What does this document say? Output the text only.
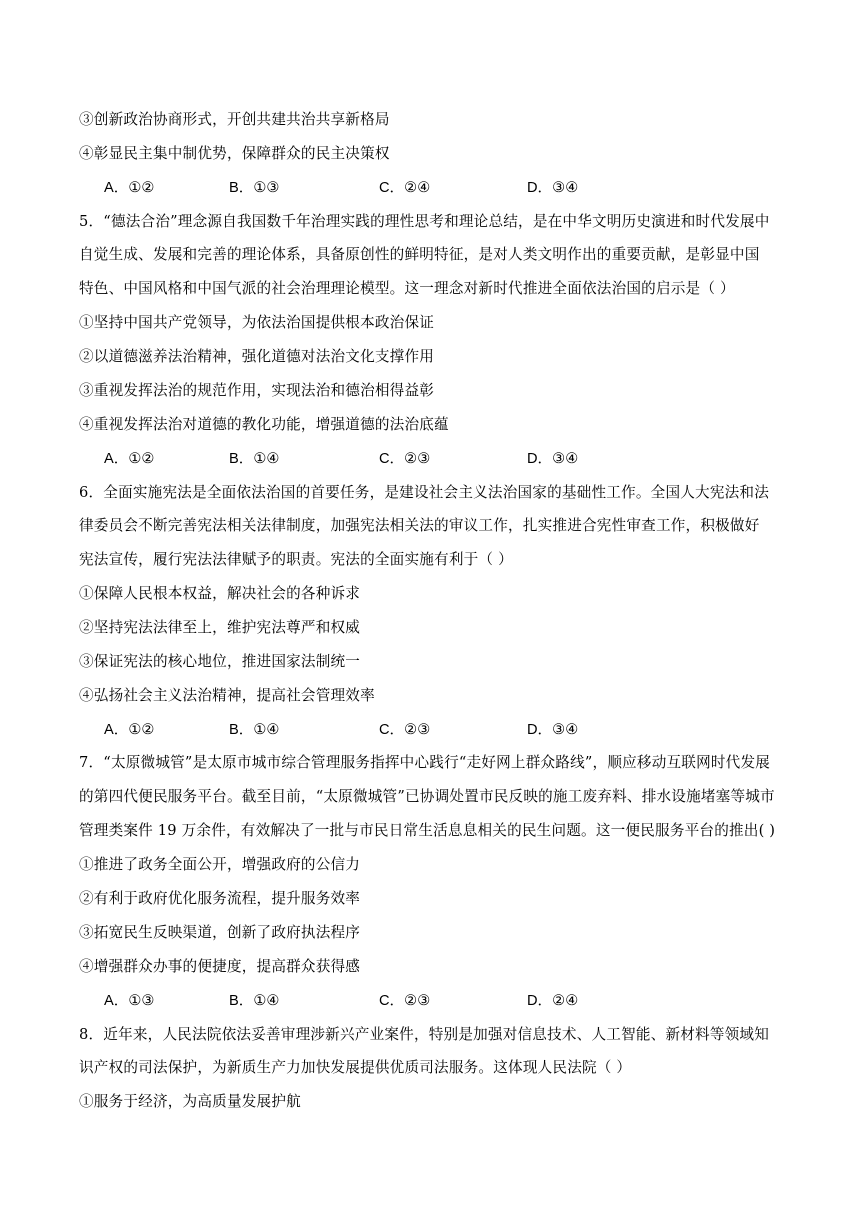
③创新政治协商形式，开创共建共治共享新格局
④彰显民主集中制优势，保障群众的民主决策权
A．①②	B．①③	C．②④	D．③④
5．“德法合治”理念源自我国数千年治理实践的理性思考和理论总结，是在中华文明历史演进和时代发展中
自觉生成、发展和完善的理论体系，具备原创性的鲜明特征，是对人类文明作出的重要贡献，是彰显中国
特色、中国风格和中国气派的社会治理理论模型。这一理念对新时代推进全面依法治国的启示是（ ）
①坚持中国共产党领导，为依法治国提供根本政治保证
②以道德滋养法治精神，强化道德对法治文化支撑作用
③重视发挥法治的规范作用，实现法治和德治相得益彰
④重视发挥法治对道德的教化功能，增强道德的法治底蕴
A．①②	B．①④	C．②③	D．③④
6．全面实施宪法是全面依法治国的首要任务，是建设社会主义法治国家的基础性工作。全国人大宪法和法
律委员会不断完善宪法相关法律制度，加强宪法相关法的审议工作，扎实推进合宪性审查工作，积极做好
宪法宣传，履行宪法法律赋予的职责。宪法的全面实施有利于（ ）
①保障人民根本权益，解决社会的各种诉求
②坚持宪法法律至上，维护宪法尊严和权威
③保证宪法的核心地位，推进国家法制统一
④弘扬社会主义法治精神，提高社会管理效率
A．①②	B．①④	C．②③	D．③④
7．“太原微城管”是太原市城市综合管理服务指挥中心践行“走好网上群众路线”，顺应移动互联网时代发展
的第四代便民服务平台。截至目前，“太原微城管”已协调处置市民反映的施工废弃料、排水设施堵塞等城市
管理类案件 19 万余件，有效解决了一批与市民日常生活息息相关的民生问题。这一便民服务平台的推出( )
①推进了政务全面公开，增强政府的公信力
②有利于政府优化服务流程，提升服务效率
③拓宽民生反映渠道，创新了政府执法程序
④增强群众办事的便捷度，提高群众获得感
A．①③	B．①④	C．②③	D．②④
8．近年来，人民法院依法妥善审理涉新兴产业案件，特别是加强对信息技术、人工智能、新材料等领域知
识产权的司法保护，为新质生产力加快发展提供优质司法服务。这体现人民法院（ ）
①服务于经济，为高质量发展护航
